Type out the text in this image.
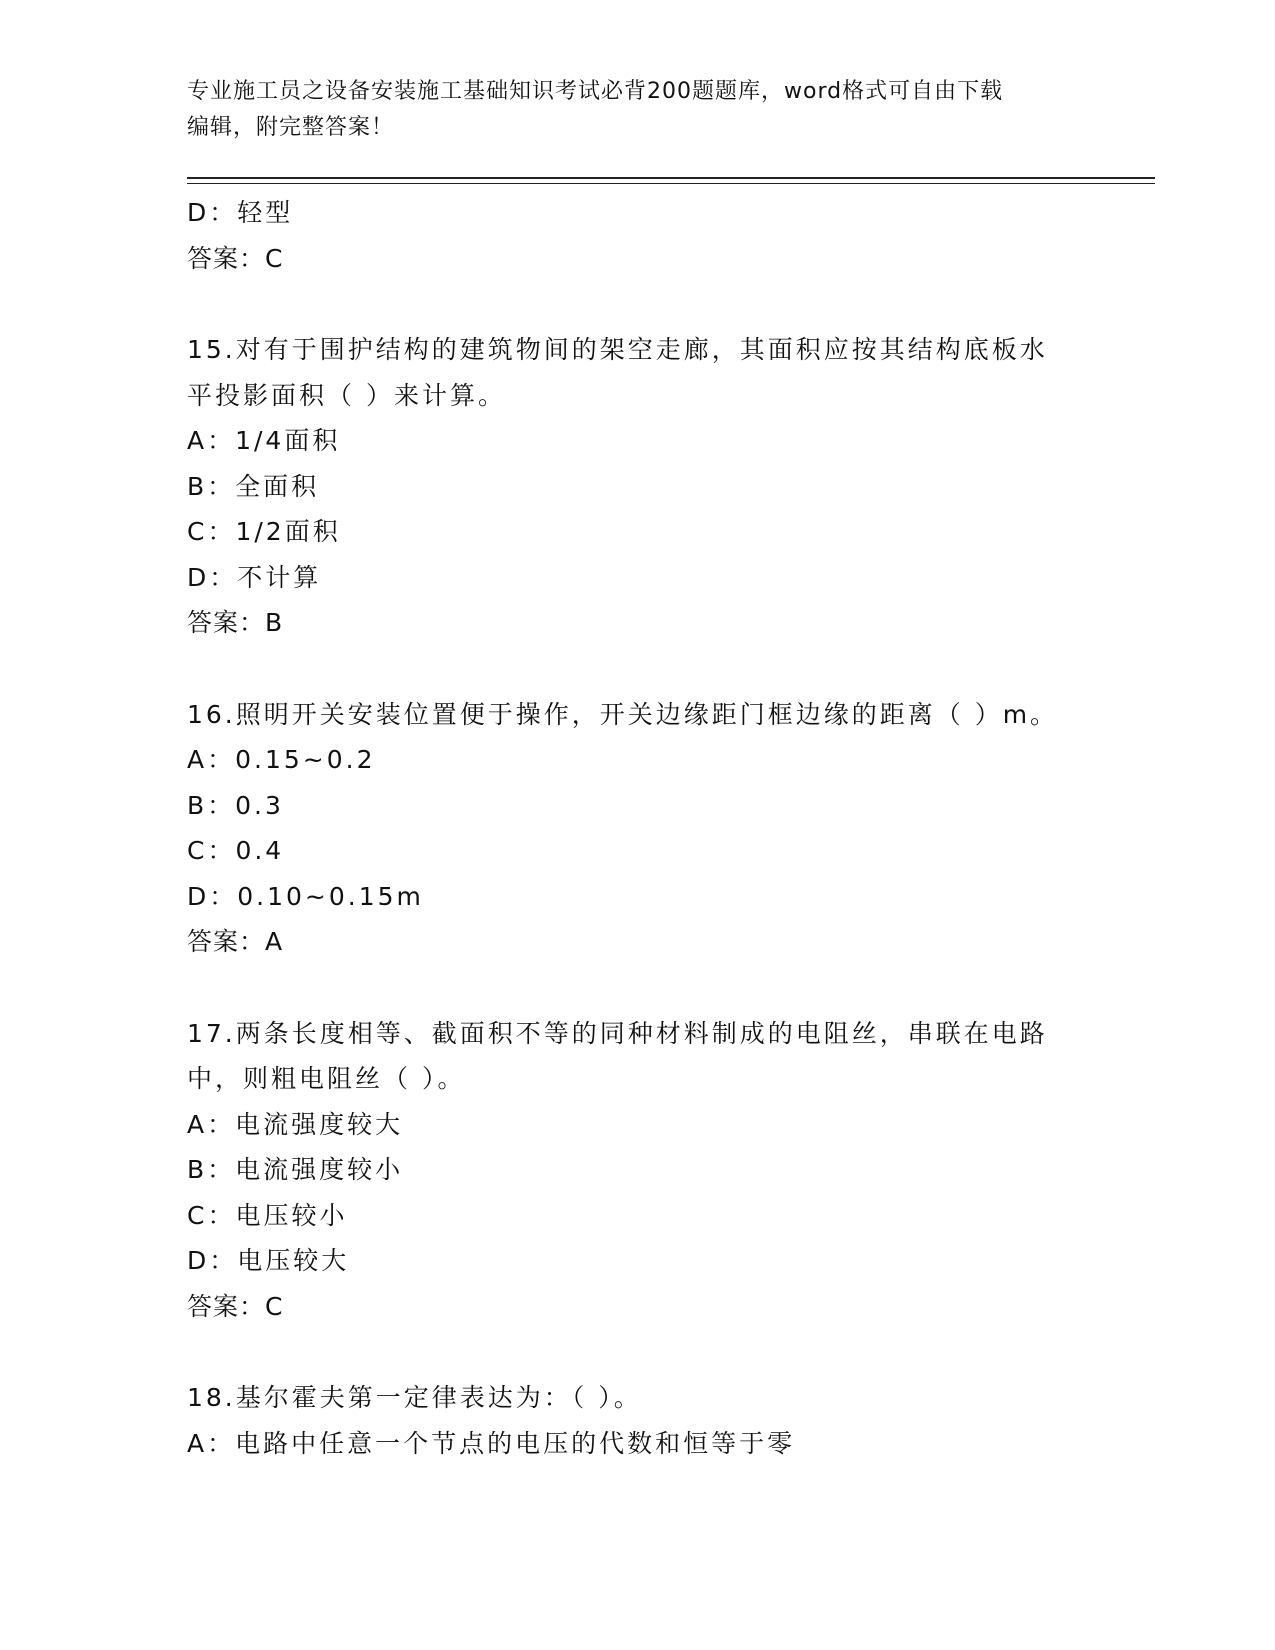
专业施工员之设备安装施工基础知识考试必背200题题库，word格式可自由下载
编辑，附完整答案！
D：轻型
答案：C
15.对有于围护结构的建筑物间的架空走廊，其面积应按其结构底板水
平投影面积（ ）来计算。
A：1/4面积
B：全面积
C：1/2面积
D：不计算
答案：B
16.照明开关安装位置便于操作，开关边缘距门框边缘的距离（ ）m。
A：0.15~0.2
B：0.3
C：0.4
D：0.10~0.15m
答案：A
17.两条长度相等、截面积不等的同种材料制成的电阻丝，串联在电路
中，则粗电阻丝（ ）。
A：电流强度较大
B：电流强度较小
C：电压较小
D：电压较大
答案：C
18.基尔霍夫第一定律表达为：（ ）。
A：电路中任意一个节点的电压的代数和恒等于零
